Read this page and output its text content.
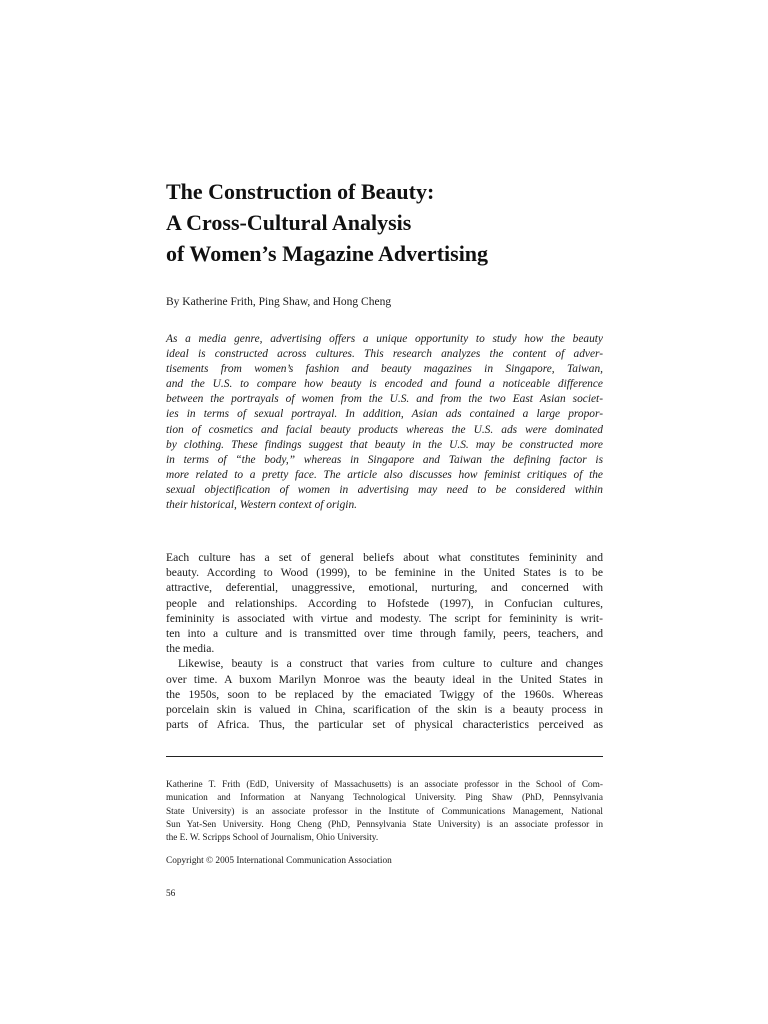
The Construction of Beauty:
A Cross-Cultural Analysis
of Women’s Magazine Advertising
By Katherine Frith, Ping Shaw, and Hong Cheng
As a media genre, advertising offers a unique opportunity to study how the beauty
ideal is constructed across cultures. This research analyzes the content of adver-
tisements from women’s fashion and beauty magazines in Singapore, Taiwan,
and the U.S. to compare how beauty is encoded and found a noticeable difference
between the portrayals of women from the U.S. and from the two East Asian societ-
ies in terms of sexual portrayal. In addition, Asian ads contained a large propor-
tion of cosmetics and facial beauty products whereas the U.S. ads were dominated
by clothing. These findings suggest that beauty in the U.S. may be constructed more
in terms of “the body,” whereas in Singapore and Taiwan the defining factor is
more related to a pretty face. The article also discusses how feminist critiques of the
sexual objectification of women in advertising may need to be considered within
their historical, Western context of origin.
Each culture has a set of general beliefs about what constitutes femininity and
beauty. According to Wood (1999), to be feminine in the United States is to be
attractive, deferential, unaggressive, emotional, nurturing, and concerned with
people and relationships. According to Hofstede (1997), in Confucian cultures,
femininity is associated with virtue and modesty. The script for femininity is writ-
ten into a culture and is transmitted over time through family, peers, teachers, and
the media.
Likewise, beauty is a construct that varies from culture to culture and changes
over time. A buxom Marilyn Monroe was the beauty ideal in the United States in
the 1950s, soon to be replaced by the emaciated Twiggy of the 1960s. Whereas
porcelain skin is valued in China, scarification of the skin is a beauty process in
parts of Africa. Thus, the particular set of physical characteristics perceived as
Katherine T. Frith (EdD, University of Massachusetts) is an associate professor in the School of Com-
munication and Information at Nanyang Technological University. Ping Shaw (PhD, Pennsylvania
State University) is an associate professor in the Institute of Communications Management, National
Sun Yat-Sen University. Hong Cheng (PhD, Pennsylvania State University) is an associate professor in
the E. W. Scripps School of Journalism, Ohio University.
Copyright © 2005 International Communication Association
56
